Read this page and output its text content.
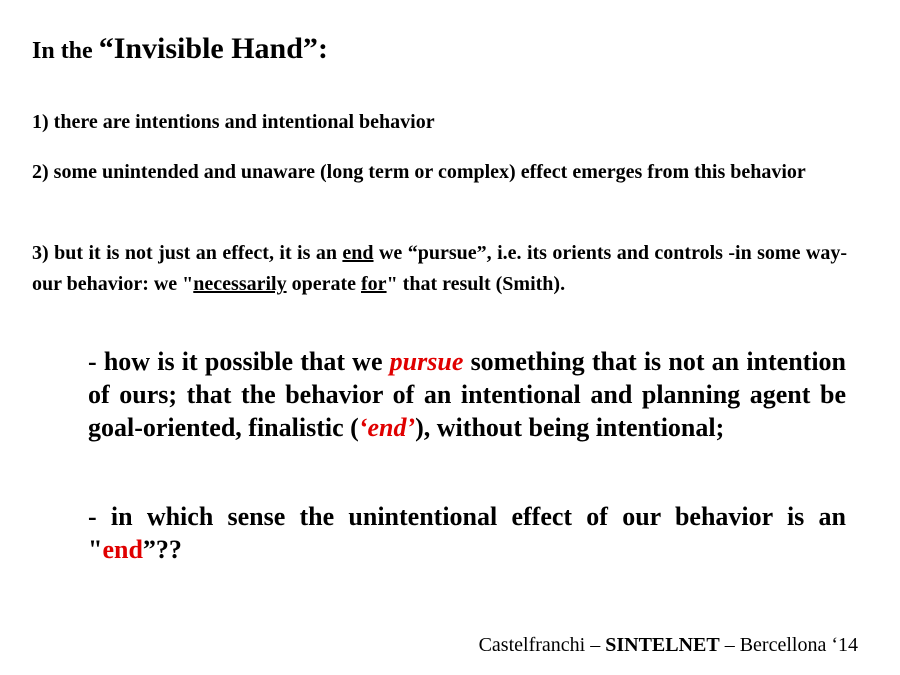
In the “Invisible Hand”:
1) there are intentions and intentional behavior
2) some unintended and unaware (long term or complex) effect emerges from this behavior
3) but it is not just an effect, it is an end we “pursue”, i.e. its orients and controls -in some way- our behavior: we "necessarily operate for" that result (Smith).
- how is it possible that we pursue something that is not an intention of ours; that the behavior of an intentional and planning agent be goal-oriented, finalistic (‘end’), without being intentional;
- in which sense the unintentional effect of our behavior is an "end”??
Castelfranchi – SINTELNET – Bercellona ‘14
